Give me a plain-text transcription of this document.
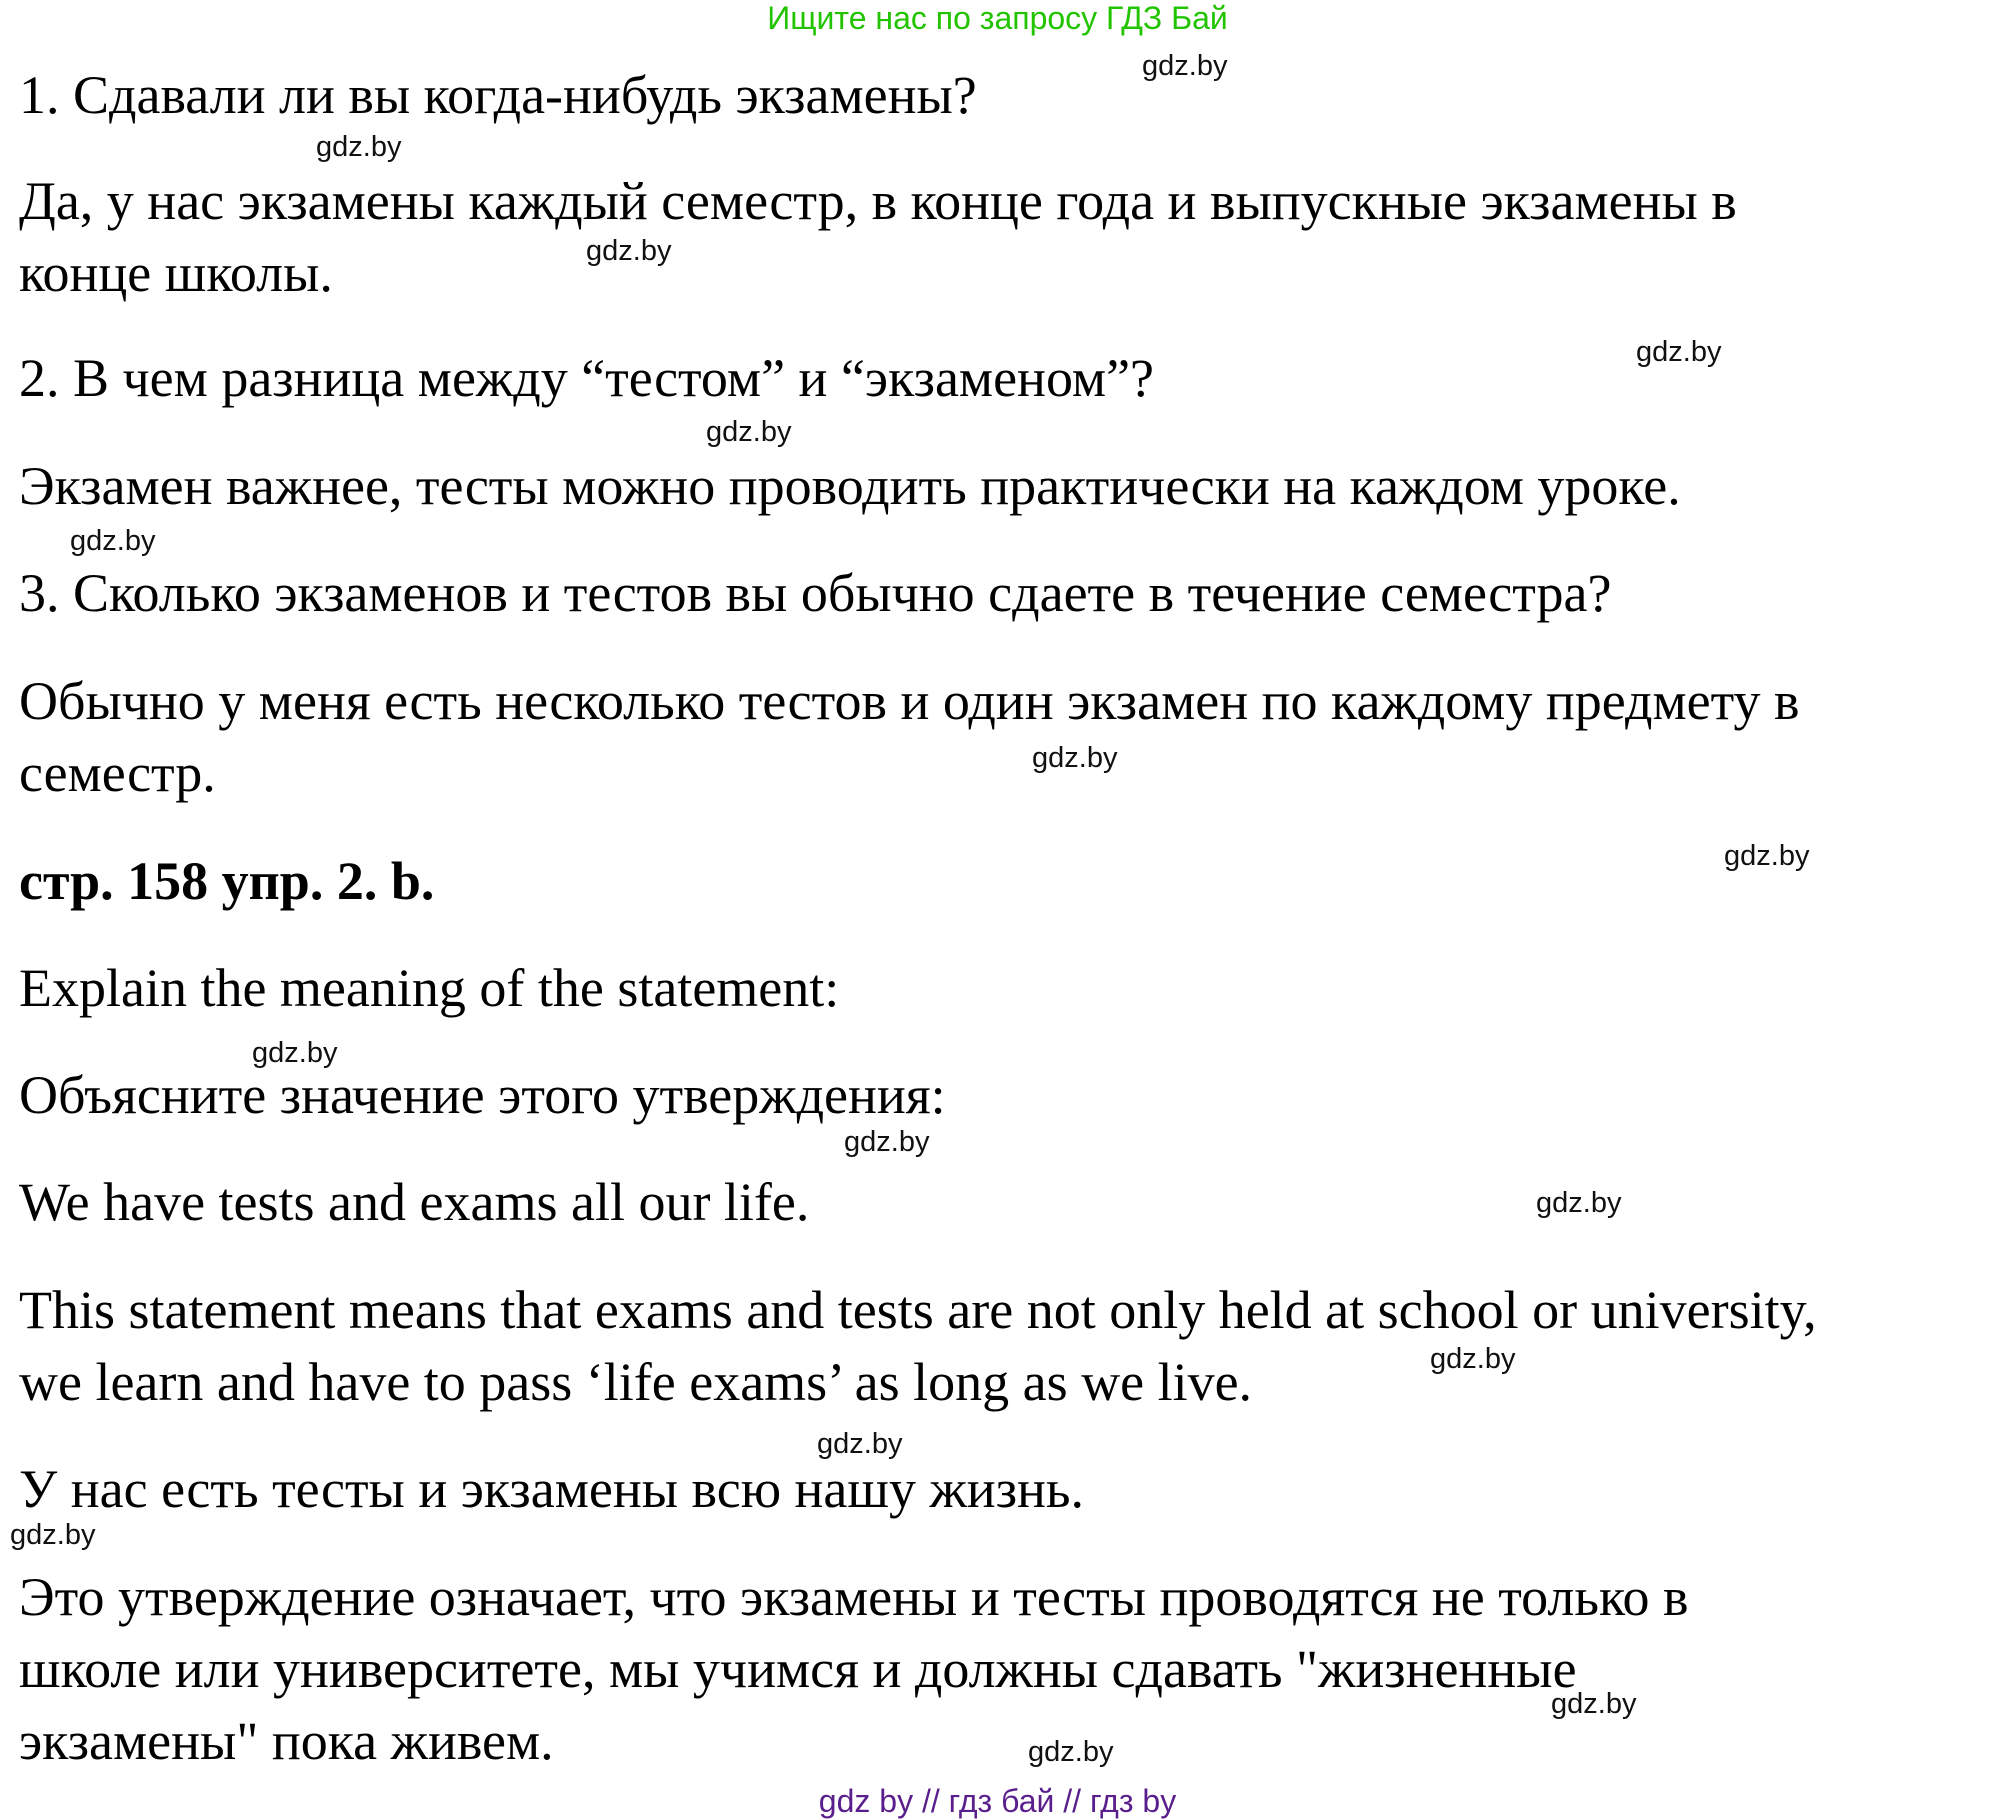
Ищите нас по запросу ГДЗ Бай

1. Сдавали ли вы когда-нибудь экзамены?

Да, у нас экзамены каждый семестр, в конце года и выпускные экзамены в

конце школы.

2. В чем разница между “тестом” и “экзаменом”?

Экзамен важнее, тесты можно проводить практически на каждом уроке.

3. Сколько экзаменов и тестов вы обычно сдаете в течение семестра?

Обычно у меня есть несколько тестов и один экзамен по каждому предмету в

семестр.

стр. 158 упр. 2. b.

Explain the meaning of the statement:

Объясните значение этого утверждения:

We have tests and exams all our life.

This statement means that exams and tests are not only held at school or university,

we learn and have to pass ‘life exams’ as long as we live.

У нас есть тесты и экзамены всю нашу жизнь.

Это утверждение означает, что экзамены и тесты проводятся не только в

школе или университете, мы учимся и должны сдавать "жизненные

экзамены" пока живем.

gdz.by
gdz.by
gdz.by
gdz.by
gdz.by
gdz.by
gdz.by
gdz.by
gdz.by
gdz.by
gdz.by
gdz.by
gdz.by
gdz.by
gdz.by
gdz.by
gdz by // гдз бай // гдз by
